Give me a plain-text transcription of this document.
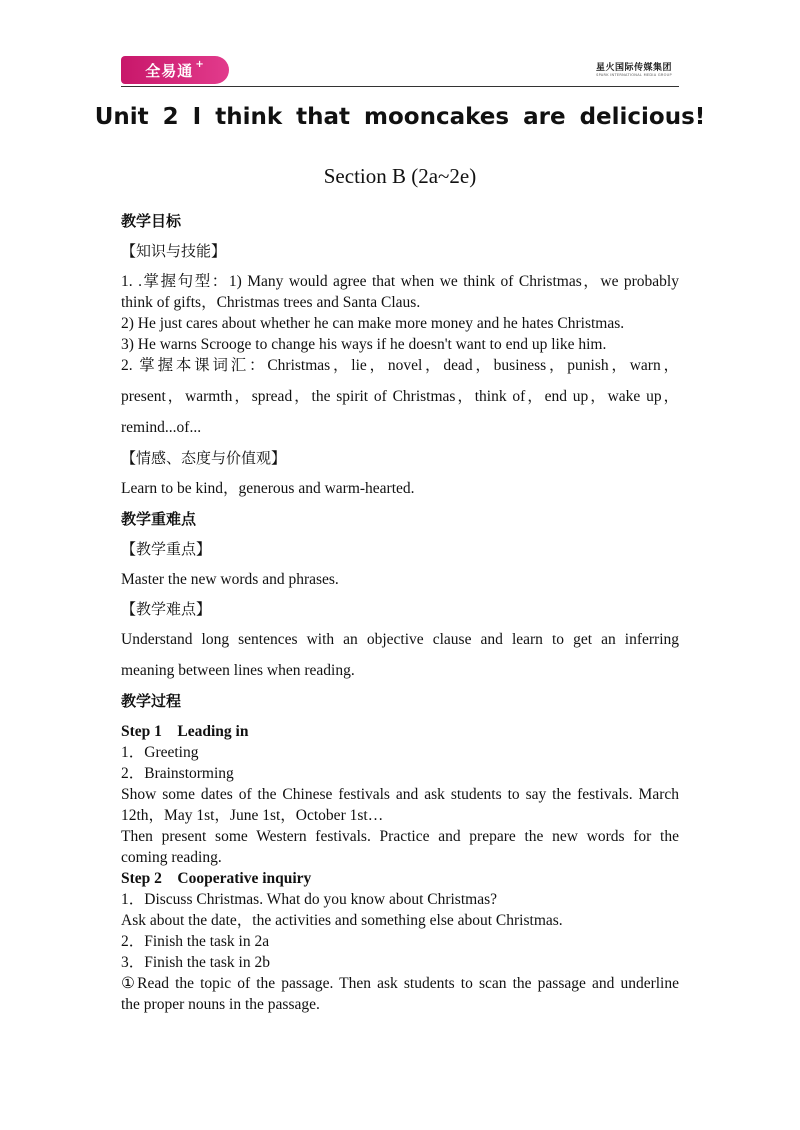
全易通 +	星火国际传媒集团
SPARK INTERNATIONAL MEDIA GROUP
Unit 2 I think that mooncakes are delicious!
Section B (2a~2e)
教学目标
【知识与技能】
1. .掌握句型：1) Many would agree that when we think of Christmas，we probably
think of gifts，Christmas trees and Santa Claus.
2) He just cares about whether he can make more money and he hates Christmas.
3) He warns Scrooge to change his ways if he doesn't want to end up like him.
2. 掌握本课词汇：Christmas，lie，novel，dead，business，punish，warn，
present，warmth，spread，the spirit of Christmas，think of，end up，wake up，
remind...of...
【情感、态度与价值观】
Learn to be kind，generous and warm-hearted.
教学重难点
【教学重点】
Master the new words and phrases.
【教学难点】
Understand long sentences with an objective clause and learn to get an inferring
meaning between lines when reading.
教学过程
Step 1    Leading in
1．Greeting
2．Brainstorming
Show some dates of the Chinese festivals and ask students to say the festivals. March
12th，May 1st，June 1st，October 1st…
Then present some Western festivals. Practice and prepare the new words for the
coming reading.
Step 2    Cooperative inquiry
1．Discuss Christmas. What do you know about Christmas?
Ask about the date，the activities and something else about Christmas.
2．Finish the task in 2a
3．Finish the task in 2b
①Read the topic of the passage. Then ask students to scan the passage and underline
the proper nouns in the passage.
